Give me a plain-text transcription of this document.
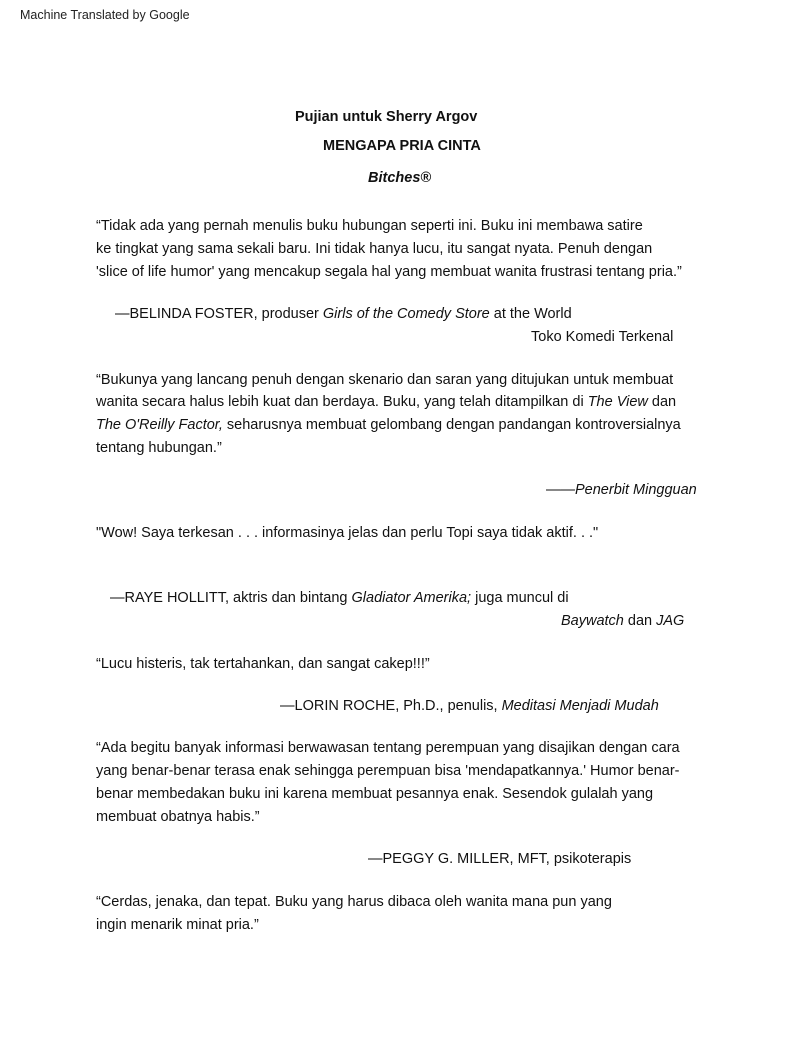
Machine Translated by Google
Pujian untuk Sherry Argov
MENGAPA PRIA CINTA
Bitches®
“Tidak ada yang pernah menulis buku hubungan seperti ini. Buku ini membawa satire
ke tingkat yang sama sekali baru. Ini tidak hanya lucu, itu sangat nyata. Penuh dengan
'slice of life humor' yang mencakup segala hal yang membuat wanita frustrasi tentang pria.”
—BELINDA FOSTER, produser Girls of the Comedy Store at the World
Toko Komedi Terkenal
“Bukunya yang lancang penuh dengan skenario dan saran yang ditujukan untuk membuat
wanita secara halus lebih kuat dan berdaya. Buku, yang telah ditampilkan di The View dan
The O'Reilly Factor, seharusnya membuat gelombang dengan pandangan kontroversialnya
tentang hubungan.”
——Penerbit Mingguan
"Wow! Saya terkesan . . . informasinya jelas dan perlu Topi saya tidak aktif. . ."
—RAYE HOLLITT, aktris dan bintang Gladiator Amerika; juga muncul di
Baywatch dan JAG
“Lucu histeris, tak tertahankan, dan sangat cakep!!!”
—LORIN ROCHE, Ph.D., penulis, Meditasi Menjadi Mudah
“Ada begitu banyak informasi berwawasan tentang perempuan yang disajikan dengan cara
yang benar-benar terasa enak sehingga perempuan bisa 'mendapatkannya.' Humor benar-
benar membedakan buku ini karena membuat pesannya enak. Sesendok gulalah yang
membuat obatnya habis.”
—PEGGY G. MILLER, MFT, psikoterapis
“Cerdas, jenaka, dan tepat. Buku yang harus dibaca oleh wanita mana pun yang
ingin menarik minat pria.”
